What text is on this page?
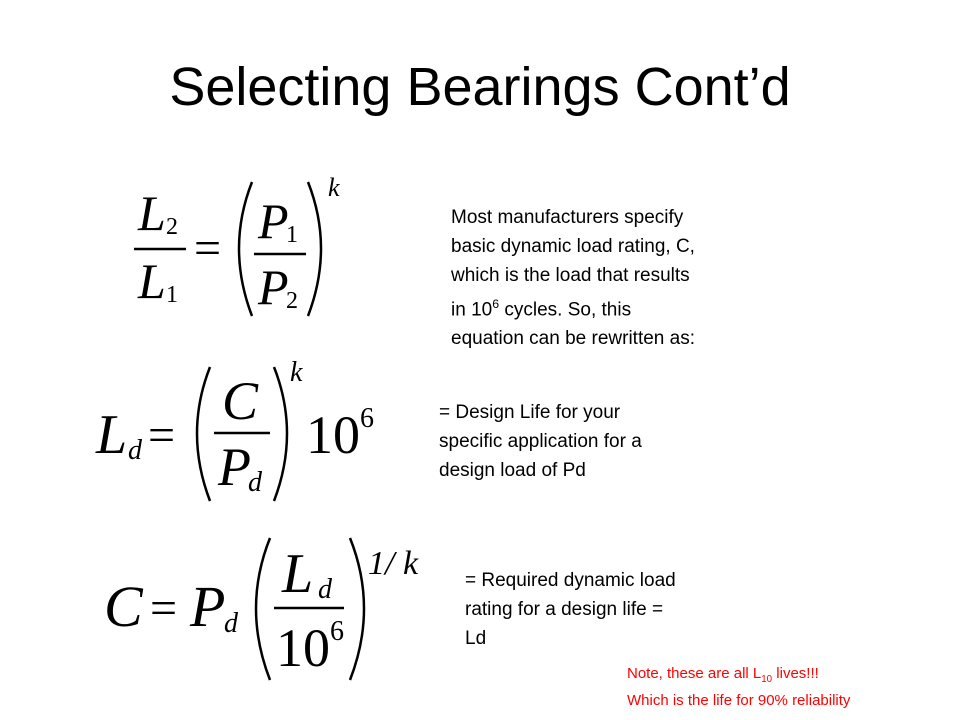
Selecting Bearings Cont’d
L 2
L 1
= P
1
P
2
k
Most manufacturers specify
basic dynamic load rating, C,
which is the load that results
in $10^6$ cycles. So, this
equation can be rewritten as:
L d =
C
P
d
k
10 6	= Design Life for your
specific application for a
design load of Pd
C = P
d
L d
10 6
1/ k = Required dynamic load
rating for a design life =
Ld
Note, these are all $L_{10}$ lives!!!
Which is the life for 90% reliability
